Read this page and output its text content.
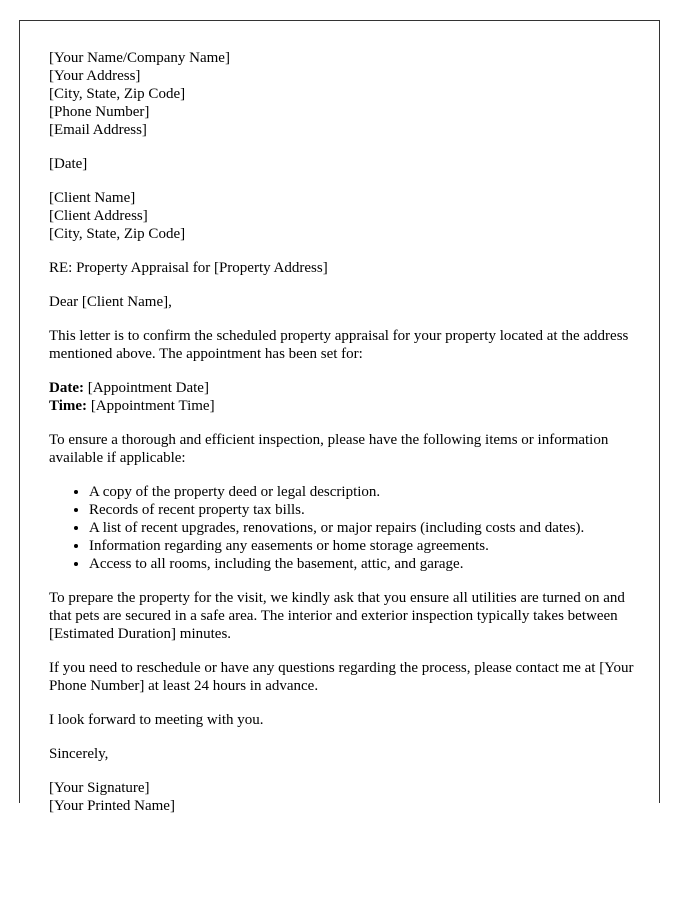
[Your Name/Company Name]
[Your Address]
[City, State, Zip Code]
[Phone Number]
[Email Address]

[Date]

[Client Name]
[Client Address]
[City, State, Zip Code]

RE: Property Appraisal for [Property Address]

Dear [Client Name],

This letter is to confirm the scheduled property appraisal for your property located at the address mentioned above. The appointment has been set for:

Date: [Appointment Date]
Time: [Appointment Time]

To ensure a thorough and efficient inspection, please have the following items or information available if applicable:

• A copy of the property deed or legal description.
• Records of recent property tax bills.
• A list of recent upgrades, renovations, or major repairs (including costs and dates).
• Information regarding any easements or home storage agreements.
• Access to all rooms, including the basement, attic, and garage.

To prepare the property for the visit, we kindly ask that you ensure all utilities are turned on and that pets are secured in a safe area. The interior and exterior inspection typically takes between [Estimated Duration] minutes.

If you need to reschedule or have any questions regarding the process, please contact me at [Your Phone Number] at least 24 hours in advance.

I look forward to meeting with you.

Sincerely,

[Your Signature]
[Your Printed Name]
